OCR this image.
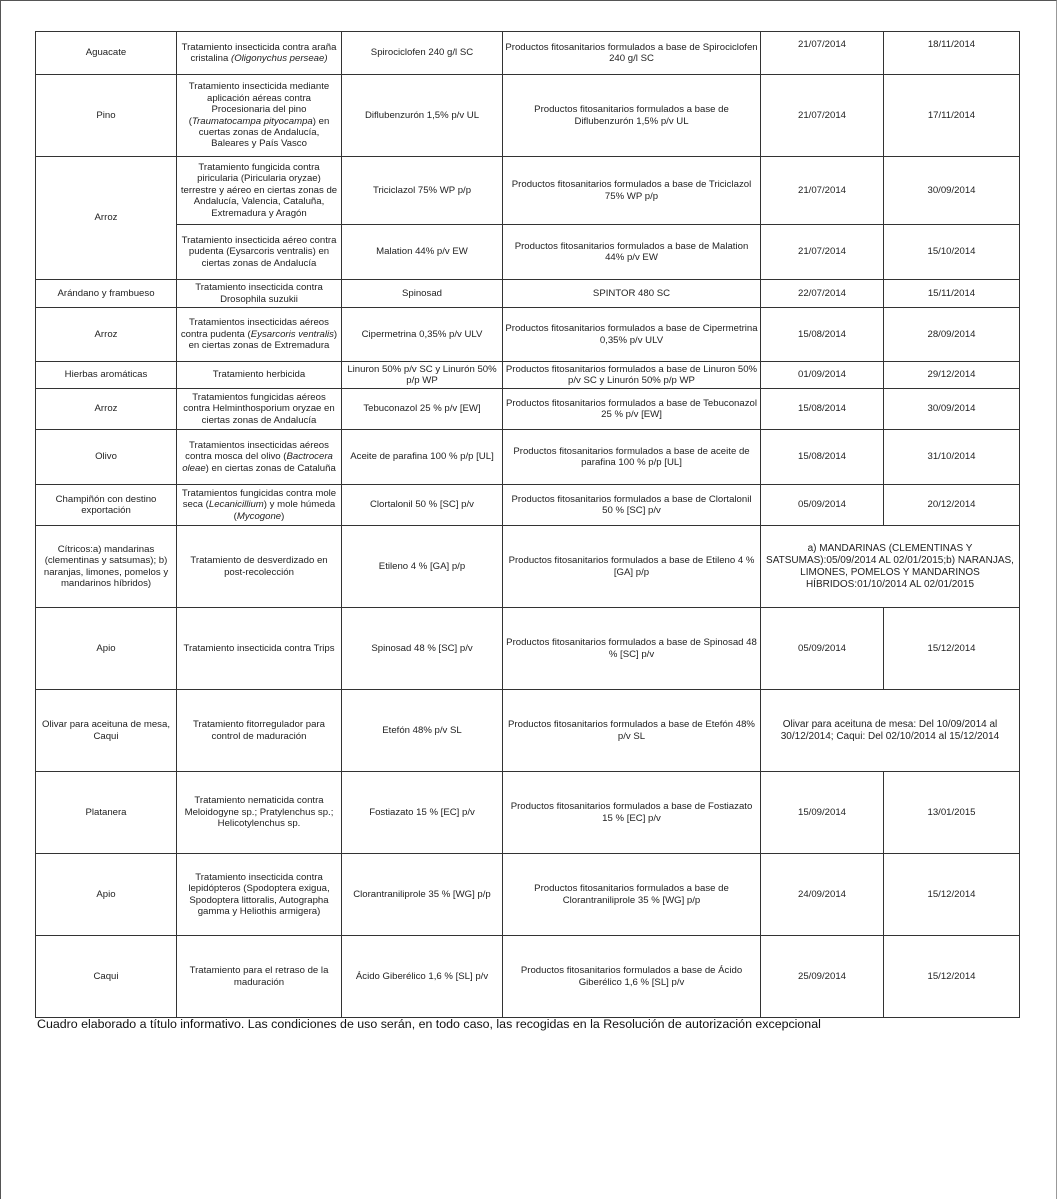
Aguacate	Tratamiento insecticida contra araña cristalina (Oligonychus perseae)	Spirociclofen 240 g/l SC	Productos fitosanitarios formulados a base de Spirociclofen 240 g/l SC	21/07/2014	18/11/2014
Pino	Tratamiento insecticida mediante aplicación aéreas contra Procesionaria del pino (Traumatocampa pityocampa) en cuertas zonas de Andalucía, Baleares y País Vasco	Diflubenzurón 1,5% p/v UL	Productos fitosanitarios formulados a base de Diflubenzurón 1,5% p/v UL	21/07/2014	17/11/2014
Arroz	Tratamiento fungicida contra piricularia (Piricularia oryzae) terrestre y aéreo en ciertas zonas de Andalucía, Valencia, Cataluña, Extremadura y Aragón	Triciclazol 75% WP p/p	Productos fitosanitarios formulados a base de Triciclazol 75% WP p/p	21/07/2014	30/09/2014
	Tratamiento insecticida aéreo contra pudenta (Eysarcoris ventralis) en ciertas zonas de Andalucía	Malation 44% p/v EW	Productos fitosanitarios formulados a base de Malation 44% p/v EW	21/07/2014	15/10/2014
Arándano y frambueso	Tratamiento insecticida contra Drosophila suzukii	Spinosad	SPINTOR 480 SC	22/07/2014	15/11/2014
Arroz	Tratamientos insecticidas aéreos contra pudenta (Eysarcoris ventralis) en ciertas zonas de Extremadura	Cipermetrina 0,35% p/v ULV	Productos fitosanitarios formulados a base de Cipermetrina 0,35% p/v ULV	15/08/2014	28/09/2014
Hierbas aromáticas	Tratamiento herbicida	Linuron 50% p/v SC y Linurón 50% p/p WP	Productos fitosanitarios formulados a base de Linuron 50% p/v SC y Linurón 50% p/p WP	01/09/2014	29/12/2014
Arroz	Tratamientos fungicidas aéreos contra Helminthosporium oryzae en ciertas zonas de Andalucía	Tebuconazol 25 % p/v [EW]	Productos fitosanitarios formulados a base de Tebuconazol 25 % p/v [EW]	15/08/2014	30/09/2014
Olivo	Tratamientos insecticidas aéreos contra mosca del olivo (Bactrocera oleae) en ciertas zonas de Cataluña	Aceite de parafina 100 % p/p [UL]	Productos fitosanitarios formulados a base de aceite de parafina 100 % p/p [UL]	15/08/2014	31/10/2014
Champiñón con destino exportación	Tratamientos fungicidas contra mole seca (Lecanicillium) y mole húmeda (Mycogone)	Clortalonil 50 % [SC] p/v	Productos fitosanitarios formulados a base de Clortalonil 50 % [SC] p/v	05/09/2014	20/12/2014
Cítricos:a) mandarinas (clementinas y satsumas); b) naranjas, limones, pomelos y mandarinos híbridos)	Tratamiento de desverdizado en post-recolección	Etileno 4 % [GA] p/p	Productos fitosanitarios formulados a base de Etileno 4 % [GA] p/p	a) MANDARINAS (CLEMENTINAS Y SATSUMAS):05/09/2014 AL 02/01/2015;b) NARANJAS, LIMONES, POMELOS Y MANDARINOS HÍBRIDOS:01/10/2014 AL 02/01/2015	
Apio	Tratamiento insecticida contra Trips	Spinosad 48 % [SC] p/v	Productos fitosanitarios formulados a base de Spinosad 48 % [SC] p/v	05/09/2014	15/12/2014
Olivar para aceituna de mesa, Caqui	Tratamiento fitorregulador para control de maduración	Etefón 48% p/v SL	Productos fitosanitarios formulados a base de Etefón 48% p/v SL	Olivar para aceituna de mesa: Del 10/09/2014 al 30/12/2014; Caqui: Del 02/10/2014 al 15/12/2014	
Platanera	Tratamiento nematicida contra Meloidogyne sp.; Pratylenchus sp.; Helicotylenchus sp.	Fostiazato 15 % [EC] p/v	Productos fitosanitarios formulados a base de Fostiazato 15 % [EC] p/v	15/09/2014	13/01/2015
Apio	Tratamiento insecticida contra lepidópteros (Spodoptera exigua, Spodoptera littoralis, Autographa gamma y Heliothis armigera)	Clorantraniliprole 35 % [WG] p/p	Productos fitosanitarios formulados a base de Clorantraniliprole 35 % [WG] p/p	24/09/2014	15/12/2014
Caqui	Tratamiento para el retraso de la maduración	Ácido Giberélico 1,6 % [SL] p/v	Productos fitosanitarios formulados a base de Ácido Giberélico 1,6 % [SL] p/v	25/09/2014	15/12/2014
Cuadro elaborado a título informativo. Las condiciones de uso serán, en todo caso, las recogidas en la Resolución de autorización excepcional
